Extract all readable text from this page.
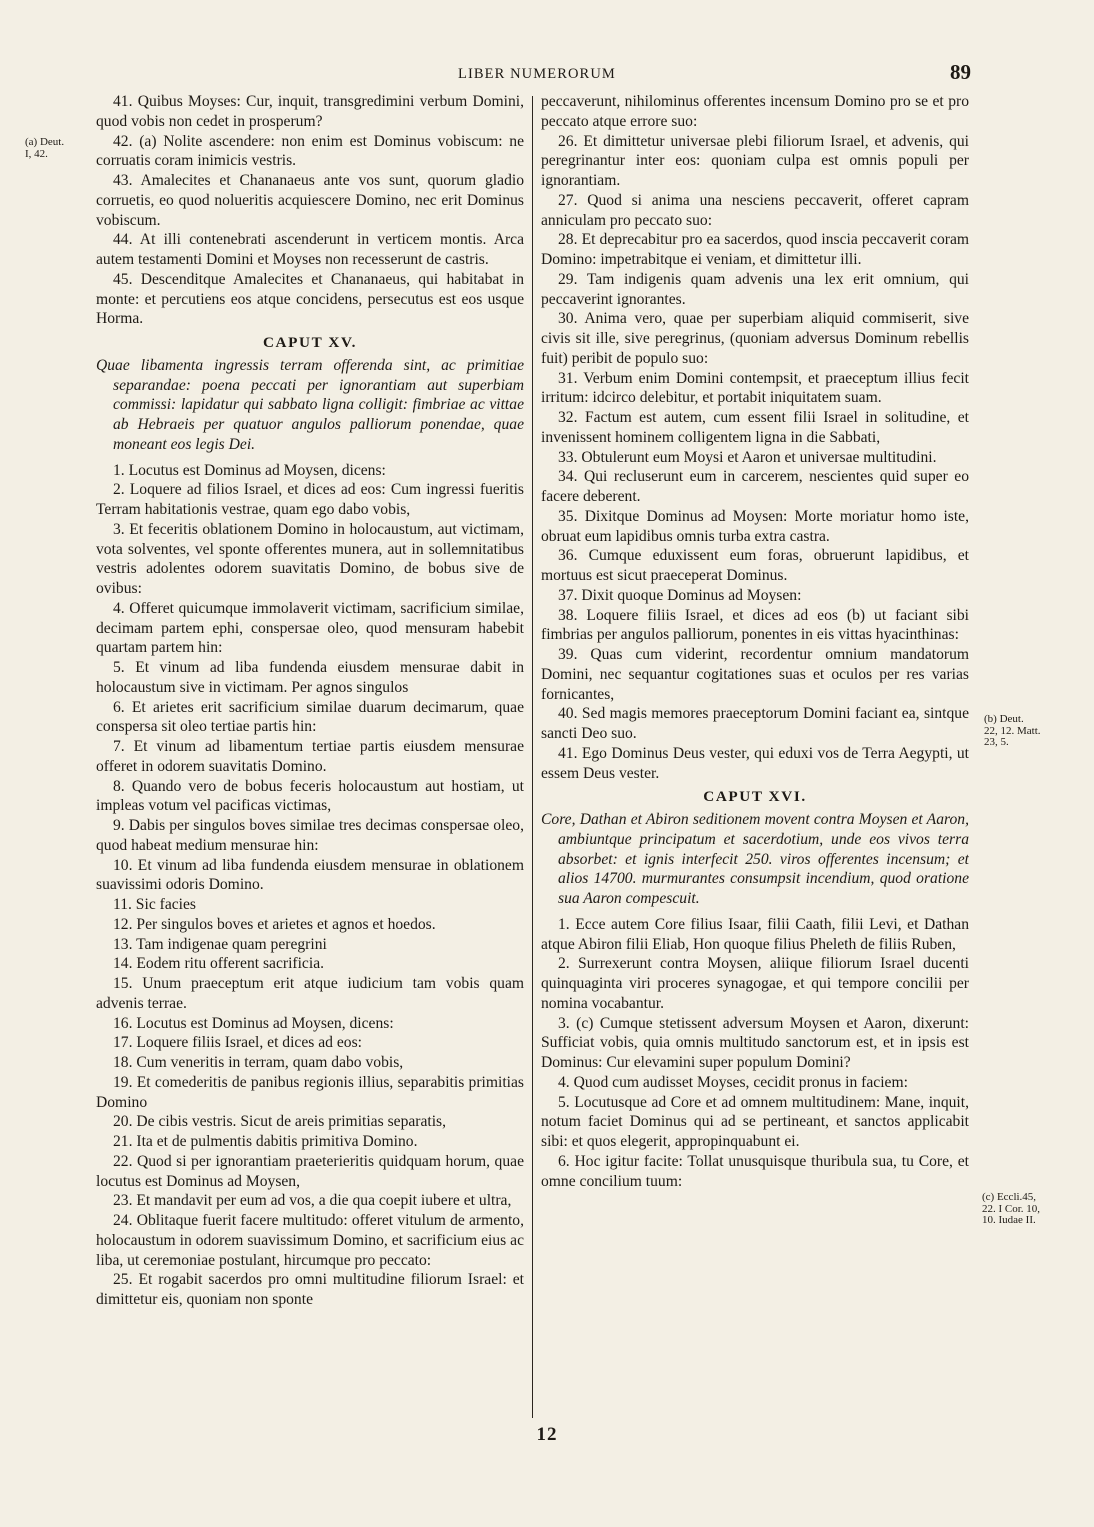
LIBER NUMERORUM	89

41. Quibus Moyses: Cur, inquit, transgredimini verbum Domini, quod vobis non cedet in prosperum?

42. (a) Nolite ascendere: non enim est Dominus vobiscum: ne corruatis coram inimicis vestris.

43. Amalecites et Chananaeus ante vos sunt, quorum gladio corruetis, eo quod nolueritis acquiescere Domino, nec erit Dominus vobiscum.

44. At illi contenebrati ascenderunt in verticem montis. Arca autem testamenti Domini et Moyses non recesserunt de castris.

45. Descenditque Amalecites et Chananaeus, qui habitabat in monte: et percutiens eos atque concidens, persecutus est eos usque Horma.

CAPUT XV.

Quae libamenta ingressis terram offerenda sint, ac primitiae separandae: poena peccati per ignorantiam aut superbiam commissi: lapidatur qui sabbato ligna colligit: fimbriae ac vittae ab Hebraeis per quatuor angulos palliorum ponendae, quae moneant eos legis Dei.

1. Locutus est Dominus ad Moysen, dicens:

2. Loquere ad filios Israel, et dices ad eos: Cum ingressi fueritis Terram habitationis vestrae, quam ego dabo vobis,

3. Et feceritis oblationem Domino in holocaustum, aut victimam, vota solventes, vel sponte offerentes munera, aut in sollemnitatibus vestris adolentes odorem suavitatis Domino, de bobus sive de ovibus:

4. Offeret quicumque immolaverit victimam, sacrificium similae, decimam partem ephi, conspersae oleo, quod mensuram habebit quartam partem hin:

5. Et vinum ad liba fundenda eiusdem mensurae dabit in holocaustum sive in victimam. Per agnos singulos

6. Et arietes erit sacrificium similae duarum decimarum, quae conspersa sit oleo tertiae partis hin:

7. Et vinum ad libamentum tertiae partis eiusdem mensurae offeret in odorem suavitatis Domino.

8. Quando vero de bobus feceris holocaustum aut hostiam, ut impleas votum vel pacificas victimas,

9. Dabis per singulos boves similae tres decimas conspersae oleo, quod habeat medium mensurae hin:

10. Et vinum ad liba fundenda eiusdem mensurae in oblationem suavissimi odoris Domino.

11. Sic facies

12. Per singulos boves et arietes et agnos et hoedos.

13. Tam indigenae quam peregrini

14. Eodem ritu offerent sacrificia.

15. Unum praeceptum erit atque iudicium tam vobis quam advenis terrae.

16. Locutus est Dominus ad Moysen, dicens:

17. Loquere filiis Israel, et dices ad eos:

18. Cum veneritis in terram, quam dabo vobis,

19. Et comederitis de panibus regionis illius, separabitis primitias Domino

20. De cibis vestris. Sicut de areis primitias separatis,

21. Ita et de pulmentis dabitis primitiva Domino.

22. Quod si per ignorantiam praeterieritis quidquam horum, quae locutus est Dominus ad Moysen,

23. Et mandavit per eum ad vos, a die qua coepit iubere et ultra,

24. Oblitaque fuerit facere multitudo: offeret vitulum de armento, holocaustum in odorem suavissimum Domino, et sacrificium eius ac liba, ut ceremoniae postulant, hircumque pro peccato:

25. Et rogabit sacerdos pro omni multitudine filiorum Israel: et dimittetur eis, quoniam non sponte

peccaverunt, nihilominus offerentes incensum Domino pro se et pro peccato atque errore suo:

26. Et dimittetur universae plebi filiorum Israel, et advenis, qui peregrinantur inter eos: quoniam culpa est omnis populi per ignorantiam.

27. Quod si anima una nesciens peccaverit, offeret capram anniculam pro peccato suo:

28. Et deprecabitur pro ea sacerdos, quod inscia peccaverit coram Domino: impetrabitque ei veniam, et dimittetur illi.

29. Tam indigenis quam advenis una lex erit omnium, qui peccaverint ignorantes.

30. Anima vero, quae per superbiam aliquid commiserit, sive civis sit ille, sive peregrinus, (quoniam adversus Dominum rebellis fuit) peribit de populo suo:

31. Verbum enim Domini contempsit, et praeceptum illius fecit irritum: idcirco delebitur, et portabit iniquitatem suam.

32. Factum est autem, cum essent filii Israel in solitudine, et invenissent hominem colligentem ligna in die Sabbati,

33. Obtulerunt eum Moysi et Aaron et universae multitudini.

34. Qui recluserunt eum in carcerem, nescientes quid super eo facere deberent.

35. Dixitque Dominus ad Moysen: Morte moriatur homo iste, obruat eum lapidibus omnis turba extra castra.

36. Cumque eduxissent eum foras, obruerunt lapidibus, et mortuus est sicut praeceperat Dominus.

37. Dixit quoque Dominus ad Moysen:

38. Loquere filiis Israel, et dices ad eos (b) ut faciant sibi fimbrias per angulos palliorum, ponentes in eis vittas hyacinthinas:

39. Quas cum viderint, recordentur omnium mandatorum Domini, nec sequantur cogitationes suas et oculos per res varias fornicantes,

40. Sed magis memores praeceptorum Domini faciant ea, sintque sancti Deo suo.

41. Ego Dominus Deus vester, qui eduxi vos de Terra Aegypti, ut essem Deus vester.

CAPUT XVI.

Core, Dathan et Abiron seditionem movent contra Moysen et Aaron, ambiuntque principatum et sacerdotium, unde eos vivos terra absorbet: et ignis interfecit 250. viros offerentes incensum; et alios 14700. murmurantes consumpsit incendium, quod oratione sua Aaron compescuit.

1. Ecce autem Core filius Isaar, filii Caath, filii Levi, et Dathan atque Abiron filii Eliab, Hon quoque filius Pheleth de filiis Ruben,

2. Surrexerunt contra Moysen, aliique filiorum Israel ducenti quinquaginta viri proceres synagogae, et qui tempore concilii per nomina vocabantur.

3. (c) Cumque stetissent adversum Moysen et Aaron, dixerunt: Sufficiat vobis, quia omnis multitudo sanctorum est, et in ipsis est Dominus: Cur elevamini super populum Domini?

4. Quod cum audisset Moyses, cecidit pronus in faciem:

5. Locutusque ad Core et ad omnem multitudinem: Mane, inquit, notum faciet Dominus qui ad se pertineant, et sanctos applicabit sibi: et quos elegerit, appropinquabunt ei.

6. Hoc igitur facite: Tollat unusquisque thuribula sua, tu Core, et omne concilium tuum:

(a) Deut.
I, 42.
(b) Deut.
22, 12. Matt.
23, 5.
(c) Eccli.45,
22. I Cor. 10,
10. Iudae II.
12
